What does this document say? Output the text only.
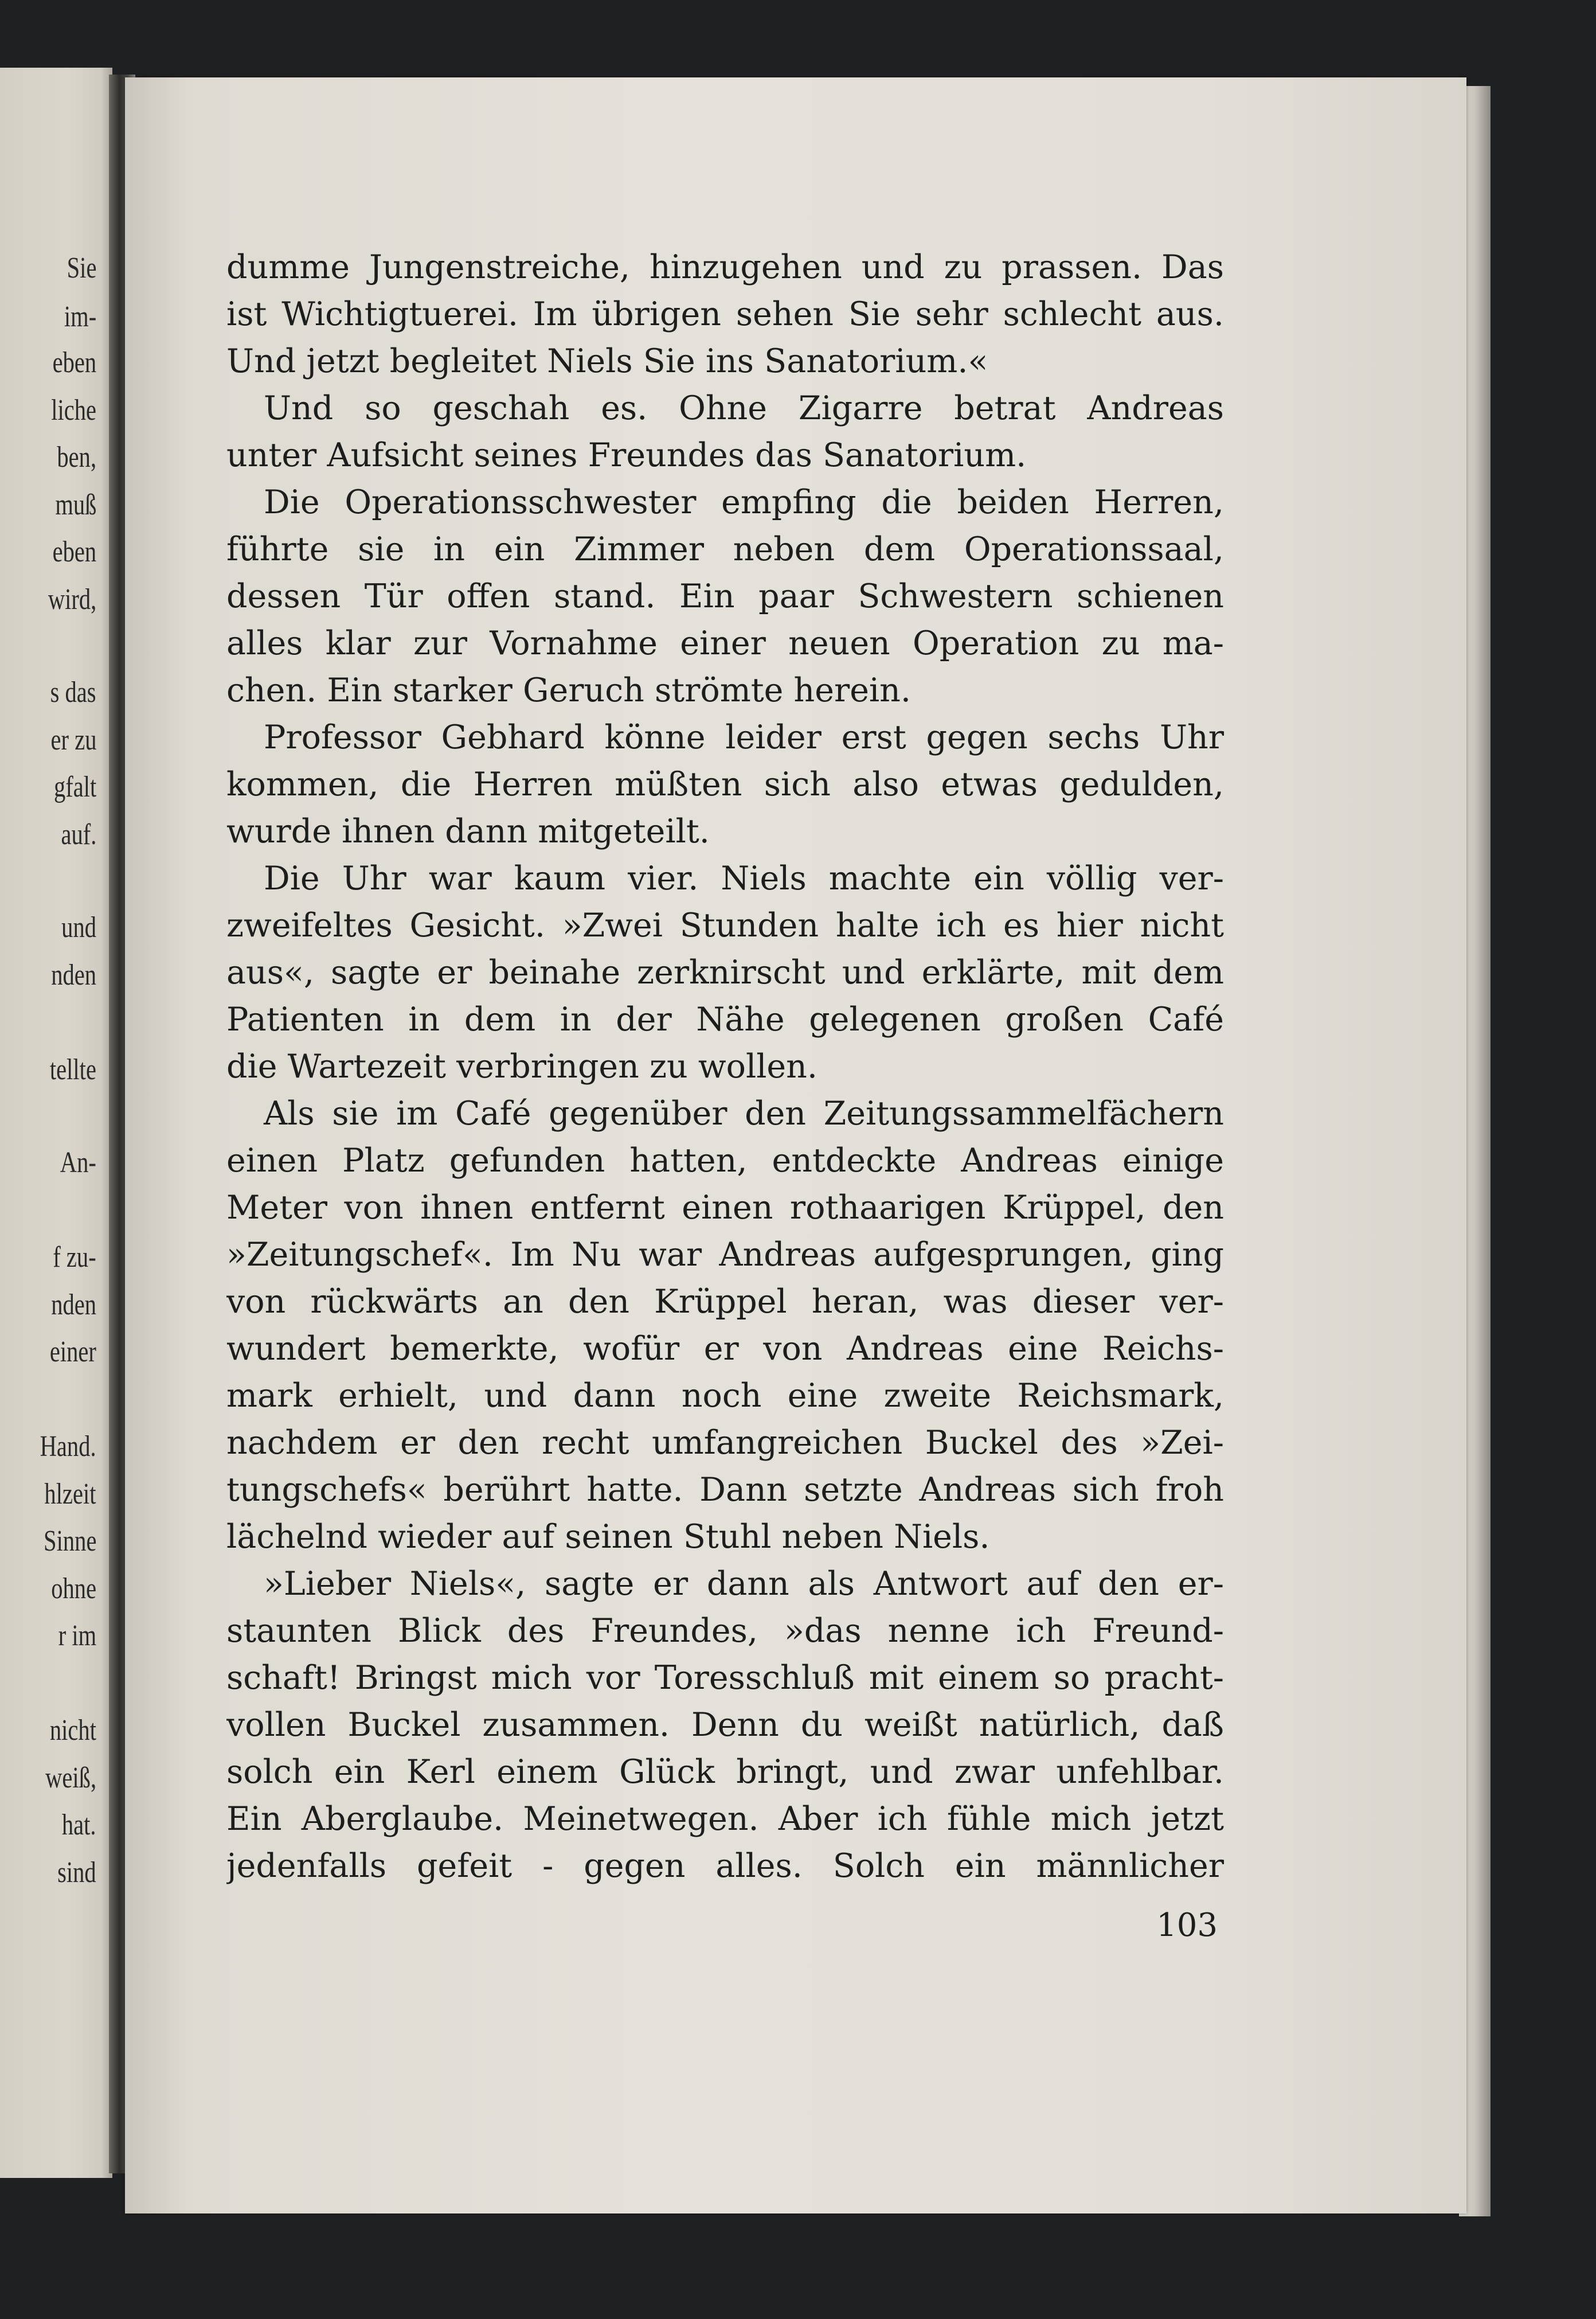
Sie

im-

eben

liche

ben,

muß

eben

wird,

s das

er zu

gfalt

auf.

und

nden

tellte

An-

f zu-

nden

einer

Hand.

hlzeit

Sinne

ohne

r im

nicht

weiß,

hat.

sind

dumme Jungenstreiche, hinzugehen und zu prassen. Das

ist Wichtigtuerei. Im übrigen sehen Sie sehr schlecht aus.

Und jetzt begleitet Niels Sie ins Sanatorium.«

Und so geschah es. Ohne Zigarre betrat Andreas

unter Aufsicht seines Freundes das Sanatorium.

Die Operationsschwester empfing die beiden Herren,

führte sie in ein Zimmer neben dem Operationssaal,

dessen Tür offen stand. Ein paar Schwestern schienen

alles klar zur Vornahme einer neuen Operation zu ma-

chen. Ein starker Geruch strömte herein.

Professor Gebhard könne leider erst gegen sechs Uhr

kommen, die Herren müßten sich also etwas gedulden,

wurde ihnen dann mitgeteilt.

Die Uhr war kaum vier. Niels machte ein völlig ver-

zweifeltes Gesicht. »Zwei Stunden halte ich es hier nicht

aus«, sagte er beinahe zerknirscht und erklärte, mit dem

Patienten in dem in der Nähe gelegenen großen Café

die Wartezeit verbringen zu wollen.

Als sie im Café gegenüber den Zeitungssammelfächern

einen Platz gefunden hatten, entdeckte Andreas einige

Meter von ihnen entfernt einen rothaarigen Krüppel, den

»Zeitungschef«. Im Nu war Andreas aufgesprungen, ging

von rückwärts an den Krüppel heran, was dieser ver-

wundert bemerkte, wofür er von Andreas eine Reichs-

mark erhielt, und dann noch eine zweite Reichsmark,

nachdem er den recht umfangreichen Buckel des »Zei-

tungschefs« berührt hatte. Dann setzte Andreas sich froh

lächelnd wieder auf seinen Stuhl neben Niels.

»Lieber Niels«, sagte er dann als Antwort auf den er-

staunten Blick des Freundes, »das nenne ich Freund-

schaft! Bringst mich vor Toresschluß mit einem so pracht-

vollen Buckel zusammen. Denn du weißt natürlich, daß

solch ein Kerl einem Glück bringt, und zwar unfehlbar.

Ein Aberglaube. Meinetwegen. Aber ich fühle mich jetzt

jedenfalls gefeit - gegen alles. Solch ein männlicher

103
